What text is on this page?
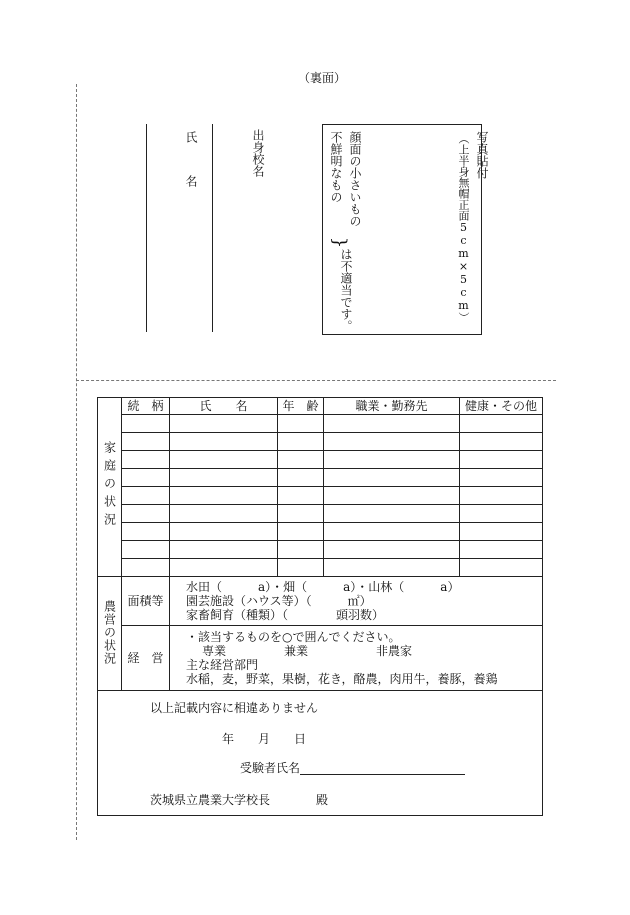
（裏面）
氏　名	出身校名	写真貼付
（上半身無帽正面5cm×5cm）
顔面の小さいもの
不鮮明なもの
}
は不適当です。
家庭の状況	続　柄	氏　　名	年　齢	職業・勤務先	健康・その他

農営の状況	面積等	水田（　　　a）・畑（　　　a）・山林（　　　a）
園芸施設（ハウス等）（　　　㎡）
家畜飼育（種類）（　　　　頭羽数）			

	経　営	・該当するものを○で囲んでください。
専業 兼業 非農家
主な経営部門
水稲，麦，野菜，果樹，花き，酪農，肉用牛，養豚，養鶏			

以上記載内容に相違ありません
年　　月　　日
受験者氏名
茨城県立農業大学校長 殿					
